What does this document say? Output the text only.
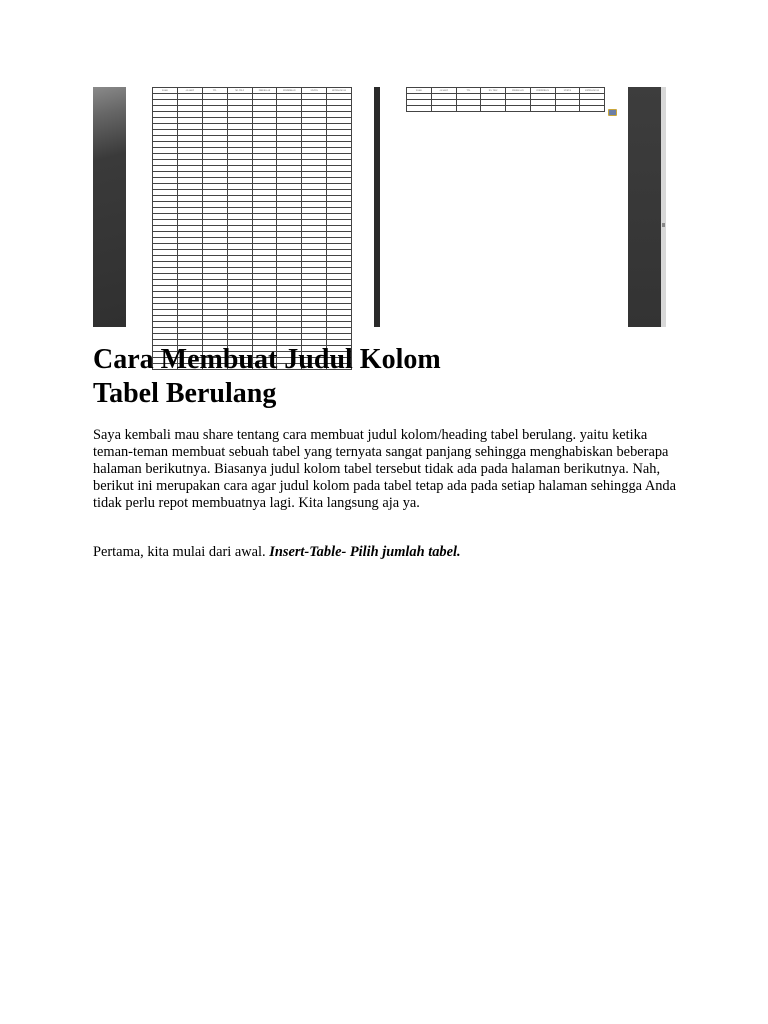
NAMA	ALAMAT	TTL	NO. TELP	PEKERJAAN	PENDIDIKAN	STATUS	KETERANGAN

								NAMA	ALAMAT	TTL	NO. TELP	PEKERJAAN	PENDIDIKAN	STATUS	KETERANGAN

Cara Membuat Judul Kolom
Tabel Berulang

Saya kembali mau share tentang cara membuat judul kolom/heading tabel berulang. yaitu ketika teman-teman membuat sebuah tabel yang ternyata sangat panjang sehingga menghabiskan beberapa halaman berikutnya. Biasanya judul kolom tabel tersebut tidak ada pada halaman berikutnya. Nah, berikut ini merupakan cara agar judul kolom pada tabel tetap ada pada setiap halaman sehingga Anda tidak perlu repot membuatnya lagi. Kita langsung aja ya.

Pertama, kita mulai dari awal. Insert-Table- Pilih jumlah tabel.
